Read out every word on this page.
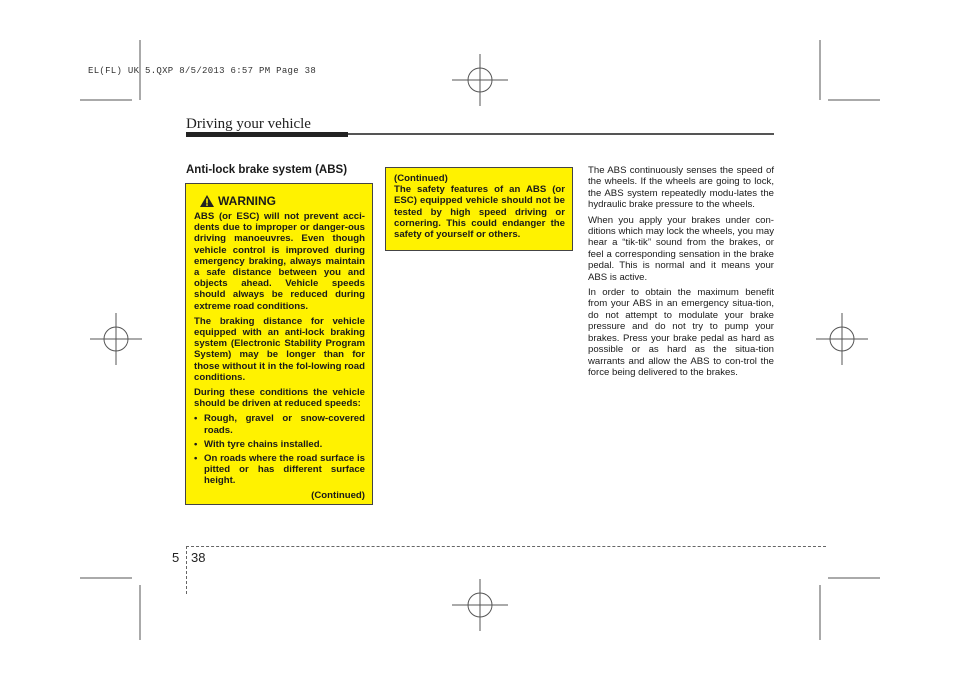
EL(FL) UK 5.QXP 8/5/2013 6:57 PM Page 38
Driving your vehicle
Anti-lock brake system (ABS)
WARNING

ABS (or ESC) will not prevent acci-dents due to improper or danger-ous driving manoeuvres. Even though vehicle control is improved during emergency braking, always maintain a safe distance between you and objects ahead. Vehicle speeds should always be reduced during extreme road conditions.

The braking distance for vehicle equipped with an anti-lock braking system (Electronic Stability Program System) may be longer than for those without it in the fol-lowing road conditions.

During these conditions the vehicle should be driven at reduced speeds:

• Rough, gravel or snow-covered roads.
• With tyre chains installed.
• On roads where the road surface is pitted or has different surface height.
(Continued)
(Continued)

The safety features of an ABS (or ESC) equipped vehicle should not be tested by high speed driving or cornering. This could endanger the safety of yourself or others.

The ABS continuously senses the speed of the wheels. If the wheels are going to lock, the ABS system repeatedly modu-lates the hydraulic brake pressure to the wheels.

When you apply your brakes under con-ditions which may lock the wheels, you may hear a “tik-tik” sound from the brakes, or feel a corresponding sensation in the brake pedal. This is normal and it means your ABS is active.

In order to obtain the maximum benefit from your ABS in an emergency situa-tion, do not attempt to modulate your brake pressure and do not try to pump your brakes. Press your brake pedal as hard as possible or as hard as the situa-tion warrants and allow the ABS to con-trol the force being delivered to the brakes.

5 38
